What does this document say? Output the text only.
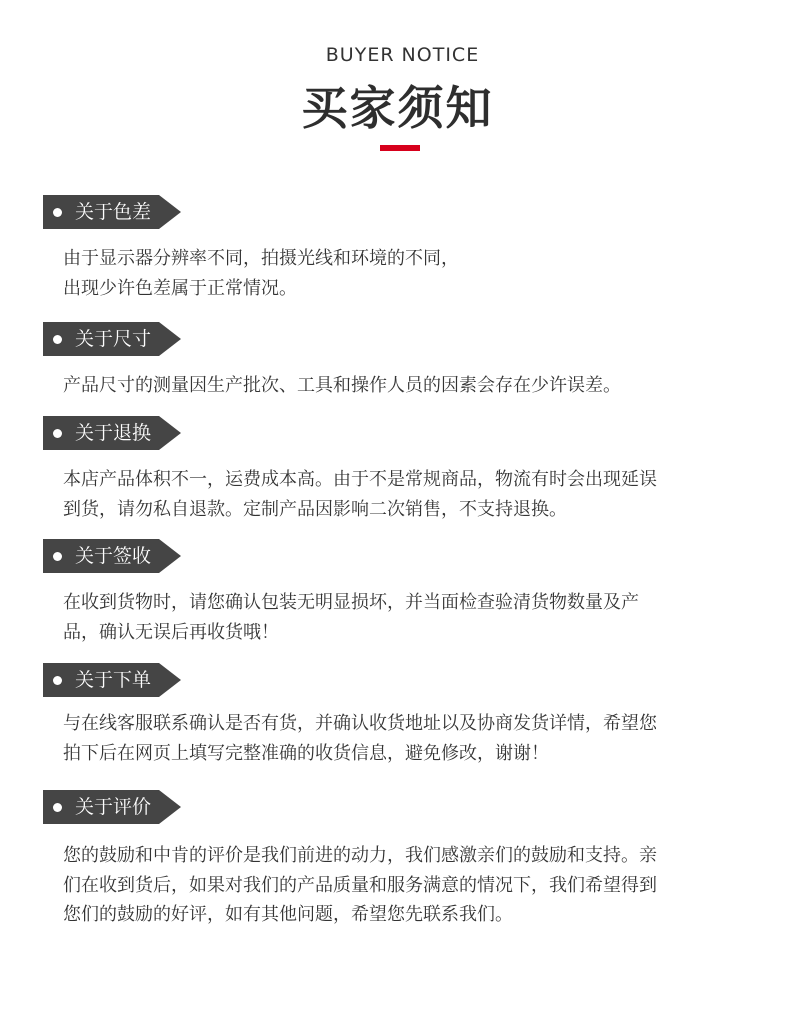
BUYER NOTICE
买家须知
关于色差
由于显示器分辨率不同，拍摄光线和环境的不同，
出现少许色差属于正常情况。
关于尺寸
产品尺寸的测量因生产批次、工具和操作人员的因素会存在少许误差。
关于退换
本店产品体积不一，运费成本高。由于不是常规商品，物流有时会出现延误
到货，请勿私自退款。定制产品因影响二次销售，不支持退换。
关于签收
在收到货物时，请您确认包装无明显损坏，并当面检查验清货物数量及产
品，确认无误后再收货哦！
关于下单
与在线客服联系确认是否有货，并确认收货地址以及协商发货详情，希望您
拍下后在网页上填写完整准确的收货信息，避免修改，谢谢！
关于评价
您的鼓励和中肯的评价是我们前进的动力，我们感激亲们的鼓励和支持。亲
们在收到货后，如果对我们的产品质量和服务满意的情况下，我们希望得到
您们的鼓励的好评，如有其他问题，希望您先联系我们。
